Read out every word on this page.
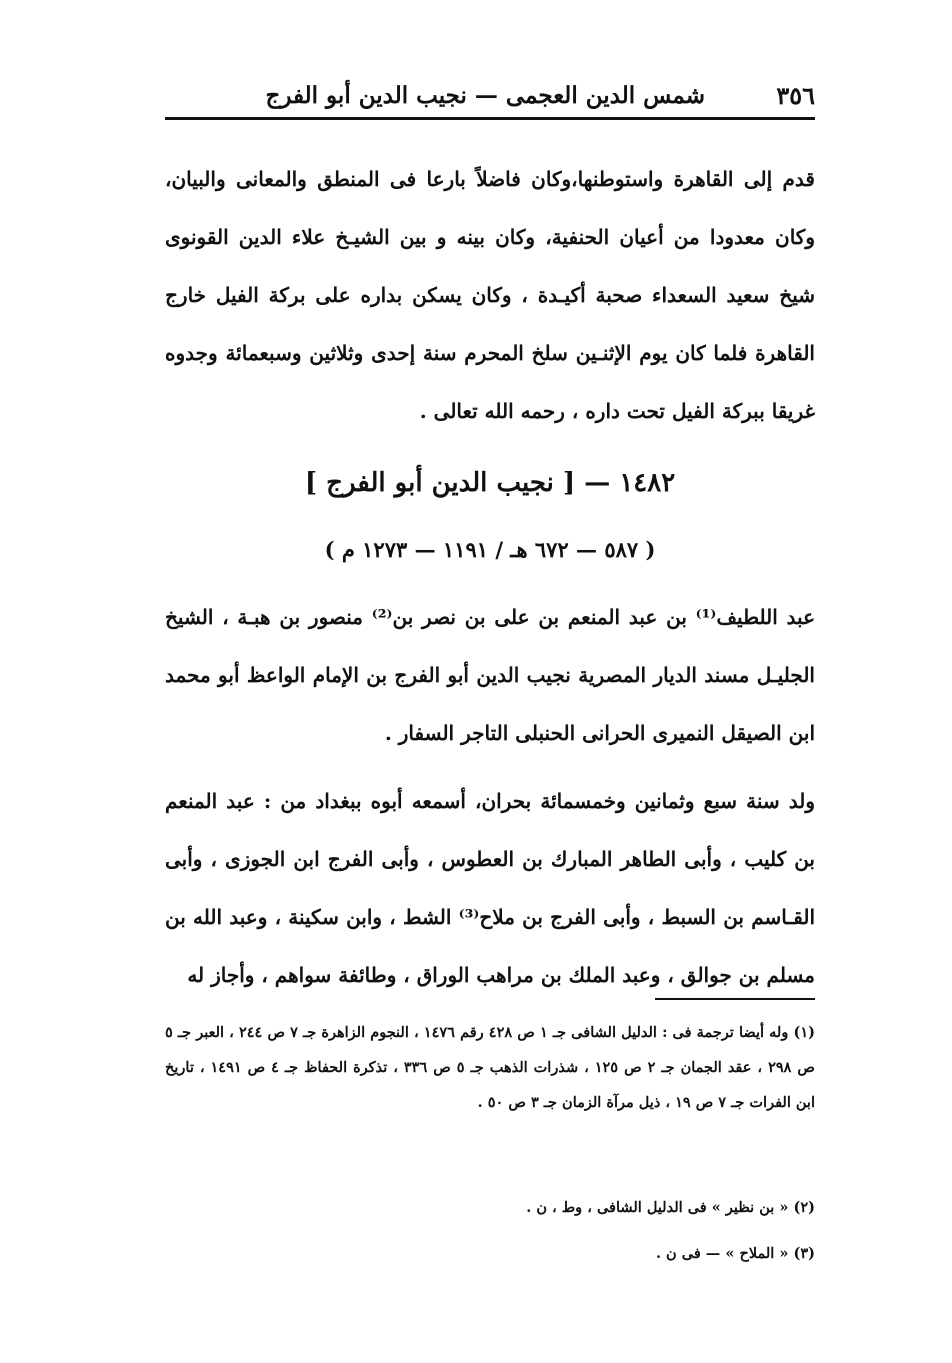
٣٥٦
شمس الدين العجمى — نجيب الدين أبو الفرج
قدم إلى القاهرة واستوطنها،وكان فاضلاً بارعا فى المنطق والمعانى والبيان، وكان معدودا من أعيان الحنفية، وكان بينه و بين الشيـخ علاء الدين القونوى شيخ سعيد السعداء صحبة أكيـدة ، وكان يسكن بداره على بركة الفيل خارج القاهرة فلما كان يوم الإثنـين سلخ المحرم سنة إحدى وثلاثين وسبعمائة وجدوه غريقا ببركة الفيل تحت داره ، رحمه الله تعالى .
١٤٨٢ — [ نجيب الدين أبو الفرج ]
( ٥٨٧ — ٦٧٢ هـ / ١١٩١ — ١٢٧٣ م )
عبد اللطيف⁽¹⁾ بن عبد المنعم بن على بن نصر بن⁽²⁾ منصور بن هبـة ، الشيخ الجليـل مسند الديار المصرية نجيب الدين أبو الفرج بن الإمام الواعظ أبو محمد ابن الصيقل النميرى الحرانى الحنبلى التاجر السفار .
ولد سنة سبع وثمانين وخمسمائة بحران، أسمعه أبوه ببغداد من : عبد المنعم بن كليب ، وأبى الطاهر المبارك بن العطوس ، وأبى الفرج ابن الجوزى ، وأبى القـاسم بن السبط ، وأبى الفرج بن ملاح⁽³⁾ الشط ، وابن سكينة ، وعبد الله بن مسلم بن جوالق ، وعبد الملك بن مراهب الوراق ، وطائفة سواهم ، وأجاز له
(١) وله أيضا ترجمة فى : الدليل الشافى جـ ١ ص ٤٢٨ رقم ١٤٧٦ ، النجوم الزاهرة جـ ٧ ص ٢٤٤ ، العبر جـ ٥ ص ٢٩٨ ، عقد الجمان جـ ٢ ص ١٢٥ ، شذرات الذهب جـ ٥ ص ٣٣٦ ، تذكرة الحفاظ جـ ٤ ص ١٤٩١ ، تاريخ ابن الفرات جـ ٧ ص ١٩ ، ذيل مرآة الزمان جـ ٣ ص ٥٠ .
(٢) « بن نظير » فى الدليل الشافى ، وط ، ن .
(٣) « الملاح » — فى ن .
